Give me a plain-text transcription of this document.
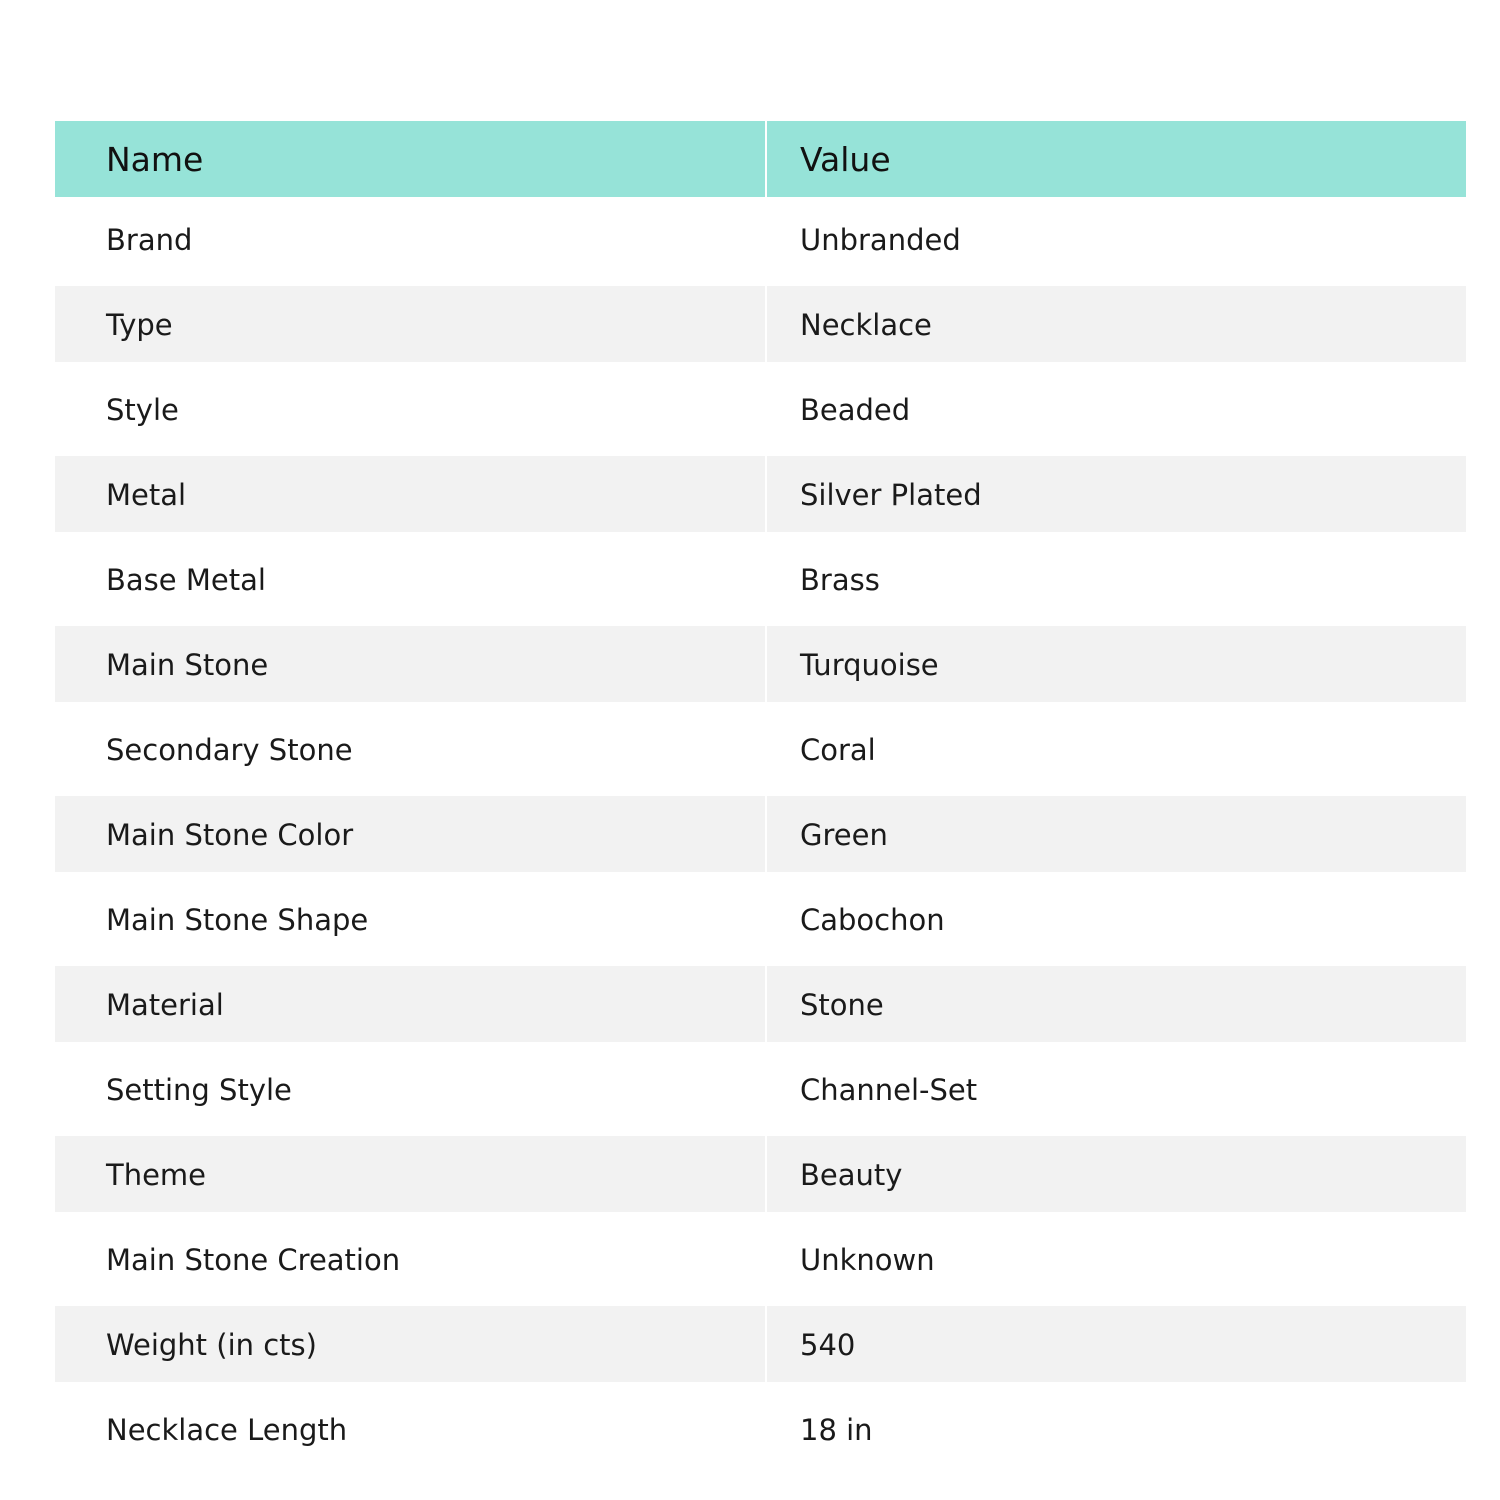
Name	Value
Brand	Unbranded
Type	Necklace
Style	Beaded
Metal	Silver Plated
Base Metal	Brass
Main Stone	Turquoise
Secondary Stone	Coral
Main Stone Color	Green
Main Stone Shape	Cabochon
Material	Stone
Setting Style	Channel-Set
Theme	Beauty
Main Stone Creation	Unknown
Weight (in cts)	540
Necklace Length	18 in
